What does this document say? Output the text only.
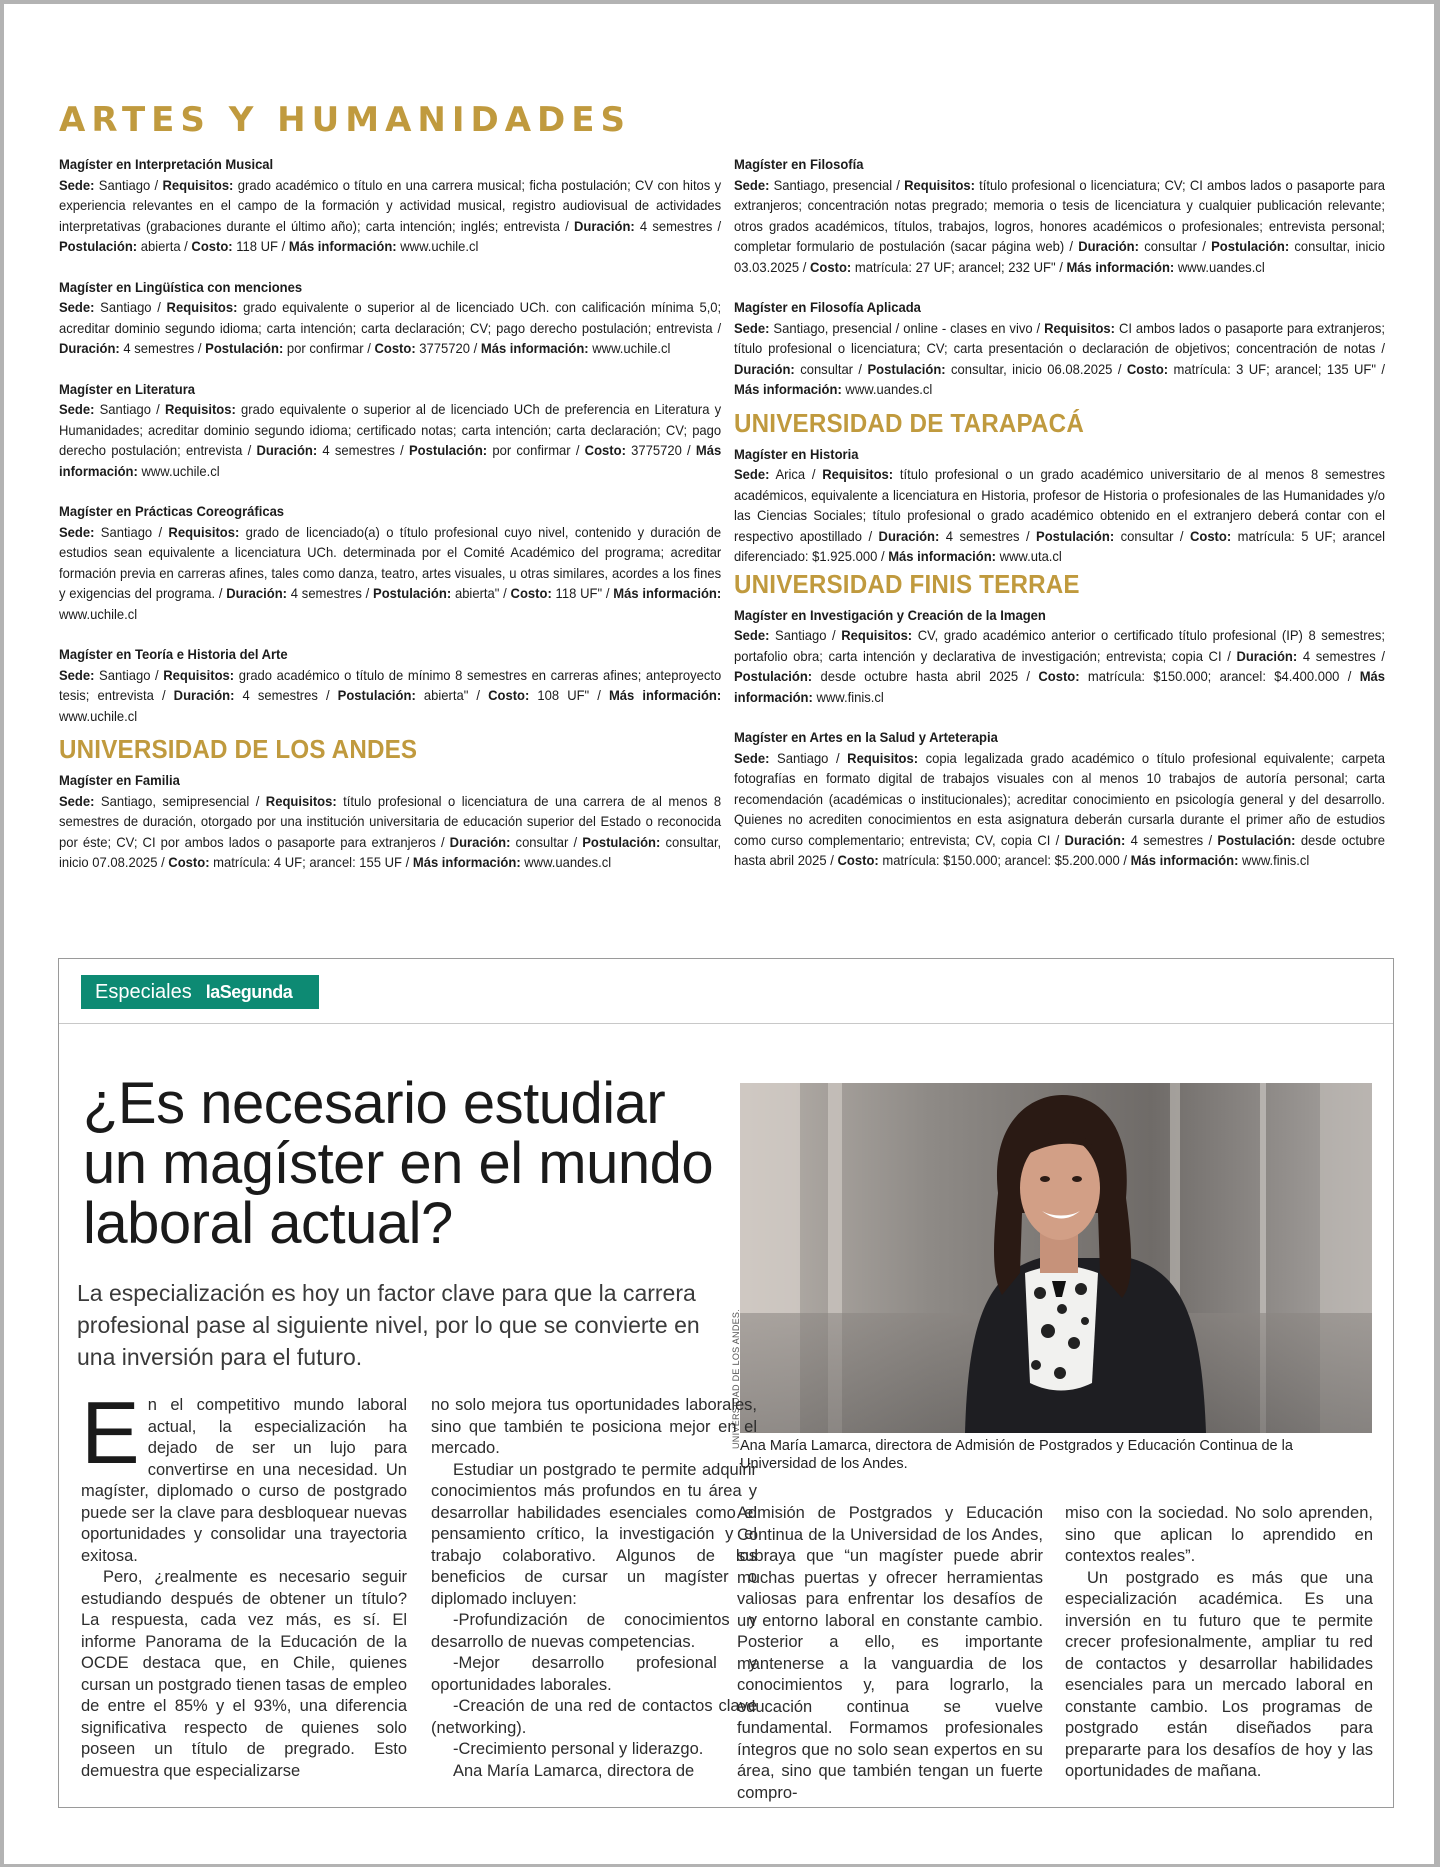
ARTES Y HUMANIDADES

Magíster en Interpretación Musical

Sede: Santiago / Requisitos: grado académico o título en una carrera musical; ficha postulación; CV con hitos y experiencia relevantes en el campo de la formación y actividad musical, registro audiovisual de actividades interpretativas (grabaciones durante el último año); carta intención; inglés; entrevista / Duración: 4 semestres / Postulación: abierta / Costo: 118 UF / Más información: www.uchile.cl

Magíster en Lingüística con menciones

Sede: Santiago / Requisitos: grado equivalente o superior al de licenciado UCh. con calificación mínima 5,0; acreditar dominio segundo idioma; carta intención; carta declaración; CV; pago derecho postulación; entrevista / Duración: 4 semestres / Postulación: por confirmar / Costo: 3775720 / Más información: www.uchile.cl

Magíster en Literatura

Sede: Santiago / Requisitos: grado equivalente o superior al de licenciado UCh de preferencia en Literatura y Humanidades; acreditar dominio segundo idioma; certificado notas; carta intención; carta declaración; CV; pago derecho postulación; entrevista / Duración: 4 semestres / Postulación: por confirmar / Costo: 3775720 / Más información: www.uchile.cl

Magíster en Prácticas Coreográficas

Sede: Santiago / Requisitos: grado de licenciado(a) o título profesional cuyo nivel, contenido y duración de estudios sean equivalente a licenciatura UCh. determinada por el Comité Académico del programa; acreditar formación previa en carreras afines, tales como danza, teatro, artes visuales, u otras similares, acordes a los fines y exigencias del programa. / Duración: 4 semestres / Postulación: abierta" / Costo: 118 UF" / Más información: www.uchile.cl

Magíster en Teoría e Historia del Arte

Sede: Santiago / Requisitos: grado académico o título de mínimo 8 semestres en carreras afines; anteproyecto tesis; entrevista / Duración: 4 semestres / Postulación: abierta" / Costo: 108 UF" / Más información: www.uchile.cl

UNIVERSIDAD DE LOS ANDES

Magíster en Familia

Sede: Santiago, semipresencial / Requisitos: título profesional o licenciatura de una carrera de al menos 8 semestres de duración, otorgado por una institución universitaria de educación superior del Estado o reconocida por éste; CV; CI por ambos lados o pasaporte para extranjeros / Duración: consultar / Postulación: consultar, inicio 07.08.2025 / Costo: matrícula: 4 UF; arancel: 155 UF / Más información: www.uandes.cl

Magíster en Filosofía

Sede: Santiago, presencial / Requisitos: título profesional o licenciatura; CV; CI ambos lados o pasaporte para extranjeros; concentración notas pregrado; memoria o tesis de licenciatura y cualquier publicación relevante; otros grados académicos, títulos, trabajos, logros, honores académicos o profesionales; entrevista personal; completar formulario de postulación (sacar página web) / Duración: consultar / Postulación: consultar, inicio 03.03.2025 / Costo: matrícula: 27 UF; arancel; 232 UF" / Más información: www.uandes.cl

Magíster en Filosofía Aplicada

Sede: Santiago, presencial / online - clases en vivo / Requisitos: CI ambos lados o pasaporte para extranjeros; título profesional o licenciatura; CV; carta presentación o declaración de objetivos; concentración de notas / Duración: consultar / Postulación: consultar, inicio 06.08.2025 / Costo: matrícula: 3 UF; arancel; 135 UF" / Más información: www.uandes.cl

UNIVERSIDAD DE TARAPACÁ

Magíster en Historia

Sede: Arica / Requisitos: título profesional o un grado académico universitario de al menos 8 semestres académicos, equivalente a licenciatura en Historia, profesor de Historia o profesionales de las Humanidades y/o las Ciencias Sociales; título profesional o grado académico obtenido en el extranjero deberá contar con el respectivo apostillado / Duración: 4 semestres / Postulación: consultar / Costo: matrícula: 5 UF; arancel diferenciado: $1.925.000 / Más información: www.uta.cl

UNIVERSIDAD FINIS TERRAE

Magíster en Investigación y Creación de la Imagen

Sede: Santiago / Requisitos: CV, grado académico anterior o certificado título profesional (IP) 8 semestres; portafolio obra; carta intención y declarativa de investigación; entrevista; copia CI / Duración: 4 semestres / Postulación: desde octubre hasta abril 2025 / Costo: matrícula: $150.000; arancel: $4.400.000 / Más información: www.finis.cl

Magíster en Artes en la Salud y Arteterapia

Sede: Santiago / Requisitos: copia legalizada grado académico o título profesional equivalente; carpeta fotografías en formato digital de trabajos visuales con al menos 10 trabajos de autoría personal; carta recomendación (académicas o institucionales); acreditar conocimiento en psicología general y del desarrollo. Quienes no acrediten conocimientos en esta asignatura deberán cursarla durante el primer año de estudios como curso complementario; entrevista; CV, copia CI / Duración: 4 semestres / Postulación: desde octubre hasta abril 2025 / Costo: matrícula: $150.000; arancel: $5.200.000 / Más información: www.finis.cl

Especiales laSegunda
¿Es necesario estudiar un magíster en el mundo laboral actual?

La especialización es hoy un factor clave para que la carrera profesional pase al siguiente nivel, por lo que se convierte en una inversión para el futuro.	UNIVERSIDAD DE LOS ANDES. Ana María Lamarca, directora de Admisión de Postgrados y Educación Continua de la Universidad de los Andes.

En el competitivo mundo laboral actual, la especialización ha dejado de ser un lujo para convertirse en una necesidad. Un magíster, diplomado o curso de postgrado puede ser la clave para desbloquear nuevas oportunidades y consolidar una trayectoria exitosa.

Pero, ¿realmente es necesario seguir estudiando después de obtener un título? La respuesta, cada vez más, es sí. El informe Panorama de la Educación de la OCDE destaca que, en Chile, quienes cursan un postgrado tienen tasas de empleo de entre el 85% y el 93%, una diferencia significativa respecto de quienes solo poseen un título de pregrado. Esto demuestra que especializarse

no solo mejora tus oportunidades laborales, sino que también te posiciona mejor en el mercado.

Estudiar un postgrado te permite adquirir conocimientos más profundos en tu área y desarrollar habilidades esenciales como el pensamiento crítico, la investigación y el trabajo colaborativo. Algunos de los beneficios de cursar un magíster o diplomado incluyen:

-Profundización de conocimientos y desarrollo de nuevas competencias.

-Mejor desarrollo profesional y oportunidades laborales.

-Creación de una red de contactos clave (networking).

-Crecimiento personal y liderazgo.

Ana María Lamarca, directora de

Admisión de Postgrados y Educación Continua de la Universidad de los Andes, subraya que “un magíster puede abrir muchas puertas y ofrecer herramientas valiosas para enfrentar los desafíos de un entorno laboral en constante cambio. Posterior a ello, es importante mantenerse a la vanguardia de los conocimientos y, para lograrlo, la educación continua se vuelve fundamental. Formamos profesionales íntegros que no solo sean expertos en su área, sino que también tengan un fuerte compro-

miso con la sociedad. No solo aprenden, sino que aplican lo aprendido en contextos reales”.

Un postgrado es más que una especialización académica. Es una inversión en tu futuro que te permite crecer profesionalmente, ampliar tu red de contactos y desarrollar habilidades esenciales para un mercado laboral en constante cambio. Los programas de postgrado están diseñados para prepararte para los desafíos de hoy y las oportunidades de mañana.
